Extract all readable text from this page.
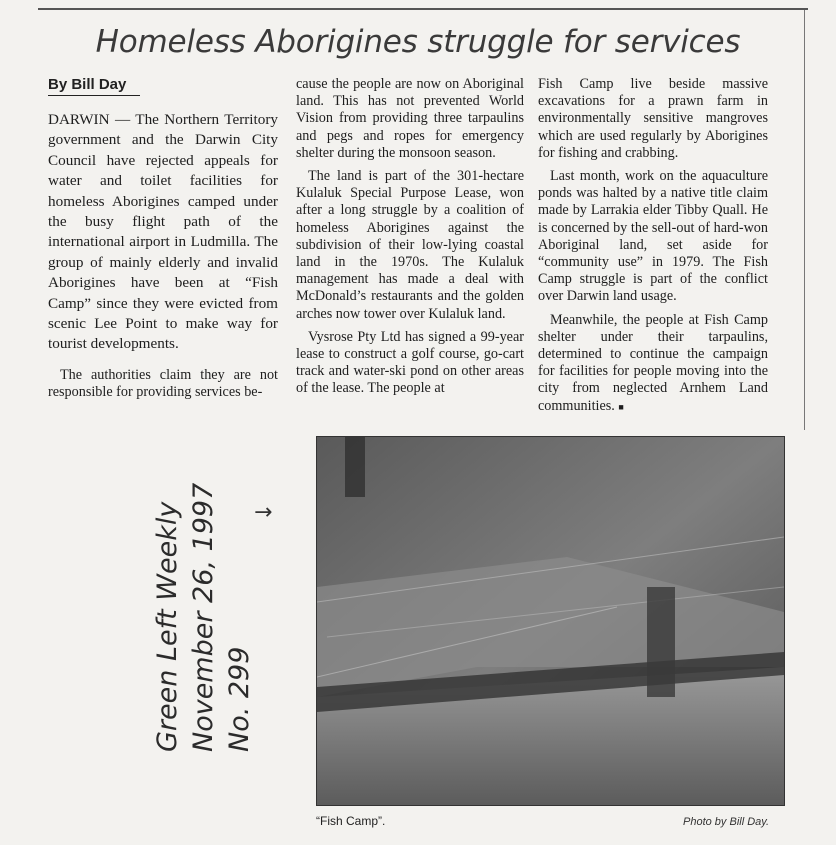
Homeless Aborigines struggle for services
By Bill Day

DARWIN — The Northern Territory government and the Darwin City Council have rejected appeals for water and toilet facilities for homeless Aborigines camped under the busy flight path of the international airport in Ludmilla. The group of mainly elderly and invalid Aborigines have been at “Fish Camp” since they were evicted from scenic Lee Point to make way for tourist developments.

The authorities claim they are not responsible for providing services be-

cause the people are now on Aboriginal land. This has not prevented World Vision from providing three tarpaulins and pegs and ropes for emergency shelter during the monsoon season.

The land is part of the 301-hectare Kulaluk Special Purpose Lease, won after a long struggle by a coalition of homeless Aborigines against the subdivision of their low-lying coastal land in the 1970s. The Kulaluk management has made a deal with McDonald’s restaurants and the golden arches now tower over Kulaluk land.

Vysrose Pty Ltd has signed a 99-year lease to construct a golf course, go-cart track and water-ski pond on other areas of the lease. The people at

Fish Camp live beside massive excavations for a prawn farm in environmentally sensitive mangroves which are used regularly by Aborigines for fishing and crabbing.

Last month, work on the aquaculture ponds was halted by a native title claim made by Larrakia elder Tibby Quall. He is concerned by the sell-out of hard-won Aboriginal land, set aside for “community use” in 1979. The Fish Camp struggle is part of the conflict over Darwin land usage.

Meanwhile, the people at Fish Camp shelter under their tarpaulins, determined to continue the campaign for facilities for people moving into the city from neglected Arnhem Land communities. ■

Green Left Weekly November 26, 1997 No. 299
→
“Fish Camp”.	Photo by Bill Day.
